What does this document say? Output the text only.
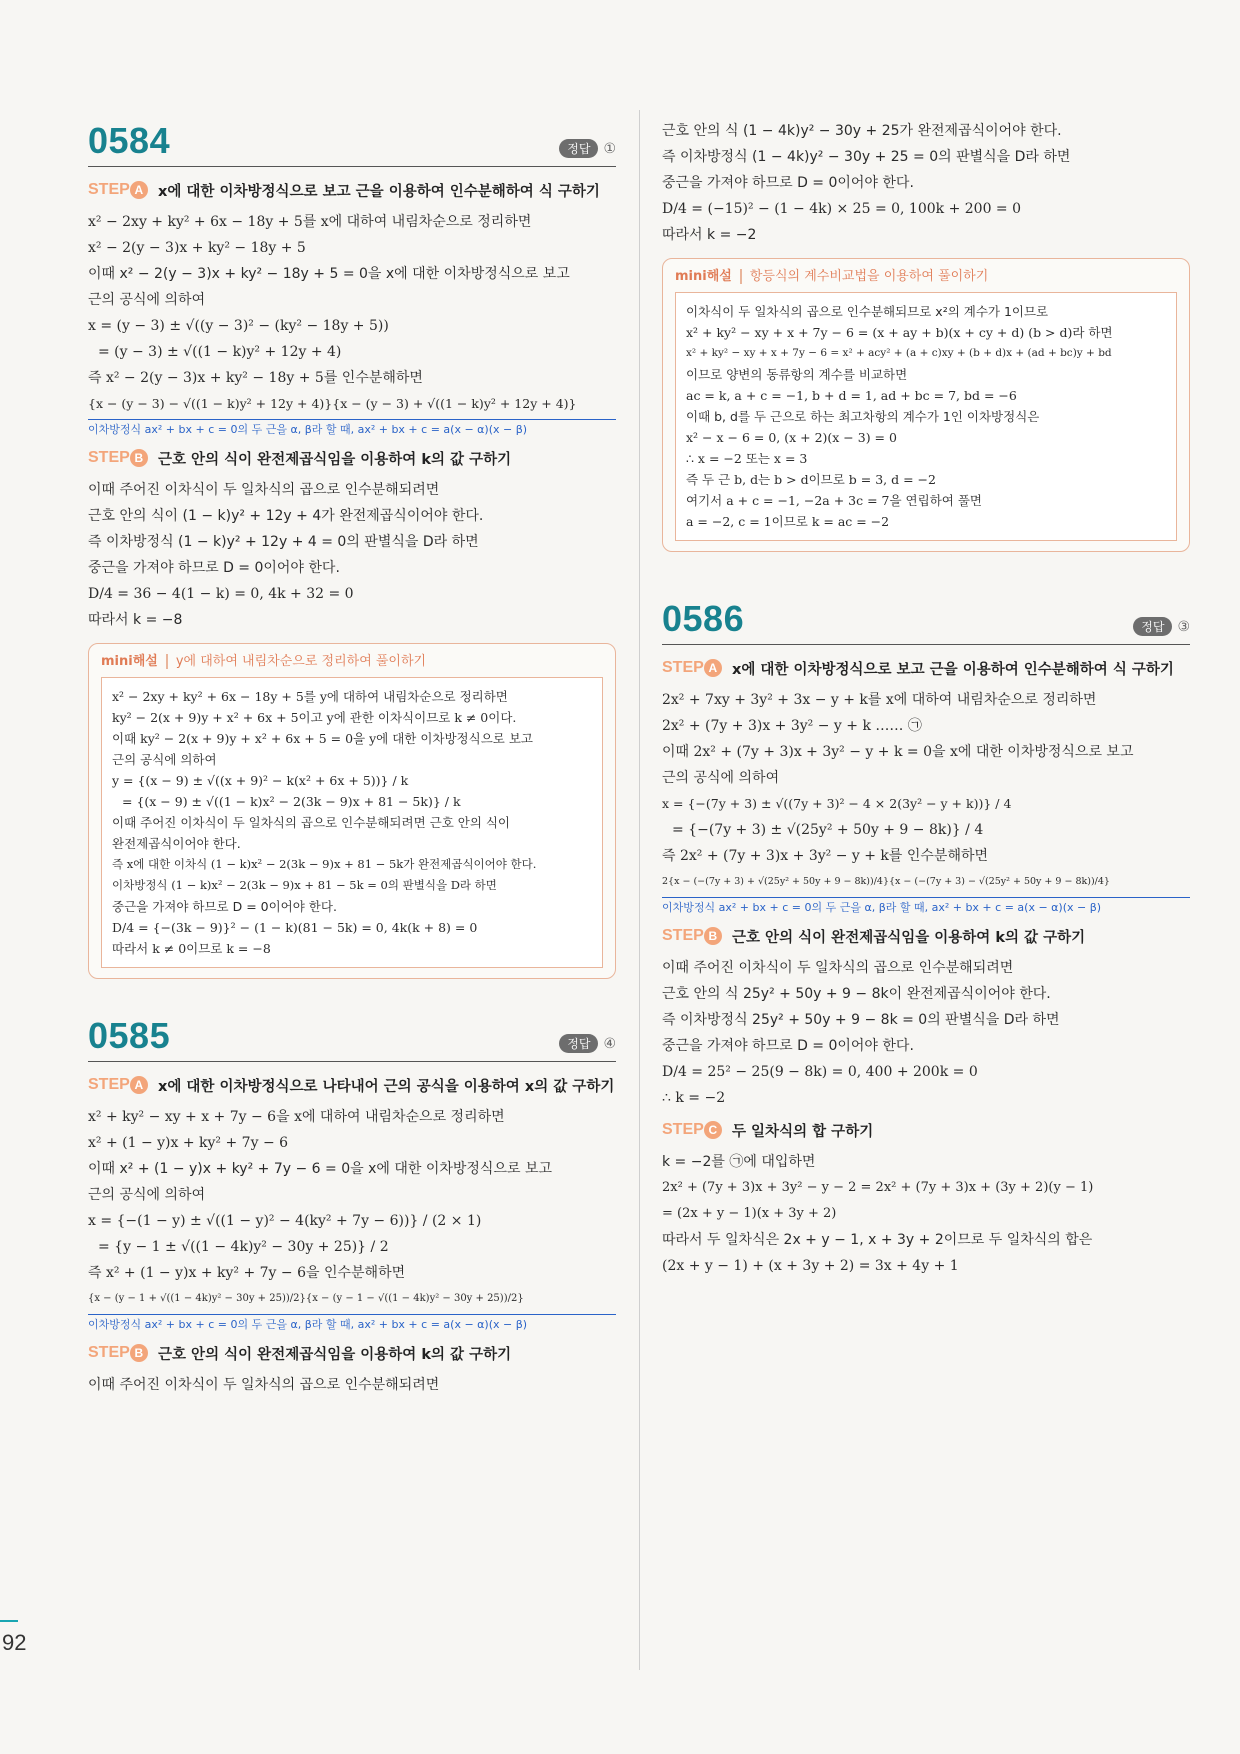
92
0584	정답 ①
STEP A	x에 대한 이차방정식으로 보고 근을 이용하여 인수분해하여 식 구하기
x² − 2xy + ky² + 6x − 18y + 5를 x에 대하여 내림차순으로 정리하면
x² − 2(y − 3)x + ky² − 18y + 5
이때 x² − 2(y − 3)x + ky² − 18y + 5 = 0을 x에 대한 이차방정식으로 보고
근의 공식에 의하여
x = (y − 3) ± √((y − 3)² − (ky² − 18y + 5))
= (y − 3) ± √((1 − k)y² + 12y + 4)
즉 x² − 2(y − 3)x + ky² − 18y + 5를 인수분해하면
{x − (y − 3) − √((1 − k)y² + 12y + 4)}{x − (y − 3) + √((1 − k)y² + 12y + 4)}
이차방정식 ax² + bx + c = 0의 두 근을 α, β라 할 때, ax² + bx + c = a(x − α)(x − β)
STEP B	근호 안의 식이 완전제곱식임을 이용하여 k의 값 구하기
이때 주어진 이차식이 두 일차식의 곱으로 인수분해되려면
근호 안의 식이 (1 − k)y² + 12y + 4가 완전제곱식이어야 한다.
즉 이차방정식 (1 − k)y² + 12y + 4 = 0의 판별식을 D라 하면
중근을 가져야 하므로 D = 0이어야 한다.
D/4 = 36 − 4(1 − k) = 0, 4k + 32 = 0
따라서 k = −8
mini해설 y에 대하여 내림차순으로 정리하여 풀이하기
x² − 2xy + ky² + 6x − 18y + 5를 y에 대하여 내림차순으로 정리하면
ky² − 2(x + 9)y + x² + 6x + 5이고 y에 관한 이차식이므로 k ≠ 0이다.
이때 ky² − 2(x + 9)y + x² + 6x + 5 = 0을 y에 대한 이차방정식으로 보고
근의 공식에 의하여
y = {(x − 9) ± √((x + 9)² − k(x² + 6x + 5))} / k
= {(x − 9) ± √((1 − k)x² − 2(3k − 9)x + 81 − 5k)} / k
이때 주어진 이차식이 두 일차식의 곱으로 인수분해되려면 근호 안의 식이
완전제곱식이어야 한다.
즉 x에 대한 이차식 (1 − k)x² − 2(3k − 9)x + 81 − 5k가 완전제곱식이어야 한다.
이차방정식 (1 − k)x² − 2(3k − 9)x + 81 − 5k = 0의 판별식을 D라 하면
중근을 가져야 하므로 D = 0이어야 한다.
D/4 = {−(3k − 9)}² − (1 − k)(81 − 5k) = 0, 4k(k + 8) = 0
따라서 k ≠ 0이므로 k = −8
0585	정답 ④
STEP A	x에 대한 이차방정식으로 나타내어 근의 공식을 이용하여 x의 값 구하기
x² + ky² − xy + x + 7y − 6을 x에 대하여 내림차순으로 정리하면
x² + (1 − y)x + ky² + 7y − 6
이때 x² + (1 − y)x + ky² + 7y − 6 = 0을 x에 대한 이차방정식으로 보고
근의 공식에 의하여
x = {−(1 − y) ± √((1 − y)² − 4(ky² + 7y − 6))} / (2 × 1)
= {y − 1 ± √((1 − 4k)y² − 30y + 25)} / 2
즉 x² + (1 − y)x + ky² + 7y − 6을 인수분해하면
{x − (y − 1 + √((1 − 4k)y² − 30y + 25))/2}{x − (y − 1 − √((1 − 4k)y² − 30y + 25))/2}
이차방정식 ax² + bx + c = 0의 두 근을 α, β라 할 때, ax² + bx + c = a(x − α)(x − β)
STEP B	근호 안의 식이 완전제곱식임을 이용하여 k의 값 구하기
이때 주어진 이차식이 두 일차식의 곱으로 인수분해되려면
근호 안의 식 (1 − 4k)y² − 30y + 25가 완전제곱식이어야 한다.
즉 이차방정식 (1 − 4k)y² − 30y + 25 = 0의 판별식을 D라 하면
중근을 가져야 하므로 D = 0이어야 한다.
D/4 = (−15)² − (1 − 4k) × 25 = 0, 100k + 200 = 0
따라서 k = −2
mini해설 항등식의 계수비교법을 이용하여 풀이하기
이차식이 두 일차식의 곱으로 인수분해되므로 x²의 계수가 1이므로
x² + ky² − xy + x + 7y − 6 = (x + ay + b)(x + cy + d) (b > d)라 하면
x² + ky² − xy + x + 7y − 6 = x² + acy² + (a + c)xy + (b + d)x + (ad + bc)y + bd
이므로 양변의 동류항의 계수를 비교하면
ac = k, a + c = −1, b + d = 1, ad + bc = 7, bd = −6
이때 b, d를 두 근으로 하는 최고차항의 계수가 1인 이차방정식은
x² − x − 6 = 0, (x + 2)(x − 3) = 0
∴ x = −2 또는 x = 3
즉 두 근 b, d는 b > d이므로 b = 3, d = −2
여기서 a + c = −1, −2a + 3c = 7을 연립하여 풀면
a = −2, c = 1이므로 k = ac = −2
0586	정답 ③
STEP A	x에 대한 이차방정식으로 보고 근을 이용하여 인수분해하여 식 구하기
2x² + 7xy + 3y² + 3x − y + k를 x에 대하여 내림차순으로 정리하면
2x² + (7y + 3)x + 3y² − y + k …… ㉠
이때 2x² + (7y + 3)x + 3y² − y + k = 0을 x에 대한 이차방정식으로 보고
근의 공식에 의하여
x = {−(7y + 3) ± √((7y + 3)² − 4 × 2(3y² − y + k))} / 4
= {−(7y + 3) ± √(25y² + 50y + 9 − 8k)} / 4
즉 2x² + (7y + 3)x + 3y² − y + k를 인수분해하면
2{x − (−(7y + 3) + √(25y² + 50y + 9 − 8k))/4}{x − (−(7y + 3) − √(25y² + 50y + 9 − 8k))/4}
이차방정식 ax² + bx + c = 0의 두 근을 α, β라 할 때, ax² + bx + c = a(x − α)(x − β)
STEP B	근호 안의 식이 완전제곱식임을 이용하여 k의 값 구하기
이때 주어진 이차식이 두 일차식의 곱으로 인수분해되려면
근호 안의 식 25y² + 50y + 9 − 8k이 완전제곱식이어야 한다.
즉 이차방정식 25y² + 50y + 9 − 8k = 0의 판별식을 D라 하면
중근을 가져야 하므로 D = 0이어야 한다.
D/4 = 25² − 25(9 − 8k) = 0, 400 + 200k = 0
∴ k = −2
STEP C	두 일차식의 합 구하기
k = −2를 ㉠에 대입하면
2x² + (7y + 3)x + 3y² − y − 2 = 2x² + (7y + 3)x + (3y + 2)(y − 1)
= (2x + y − 1)(x + 3y + 2)
따라서 두 일차식은 2x + y − 1, x + 3y + 2이므로 두 일차식의 합은
(2x + y − 1) + (x + 3y + 2) = 3x + 4y + 1
